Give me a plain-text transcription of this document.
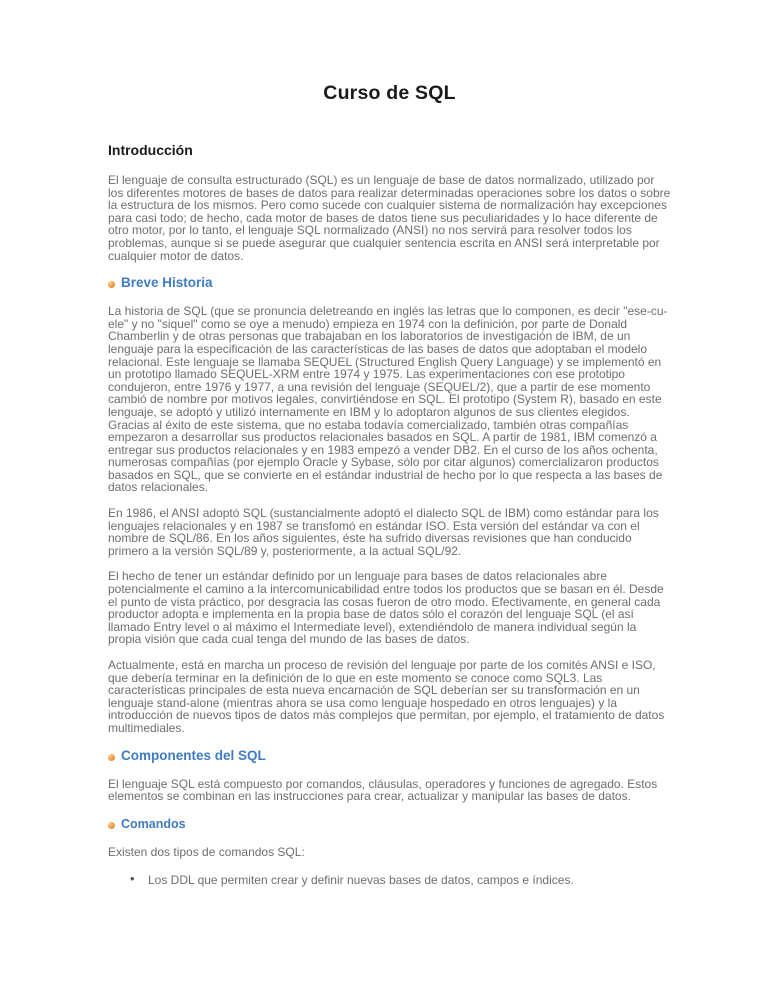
Curso de SQL
Introducción

El lenguaje de consulta estructurado (SQL) es un lenguaje de base de datos normalizado, utilizado por los diferentes motores de bases de datos para realizar determinadas operaciones sobre los datos o sobre la estructura de los mismos. Pero como sucede con cualquier sistema de normalización hay excepciones para casi todo; de hecho, cada motor de bases de datos tiene sus peculiaridades y lo hace diferente de otro motor, por lo tanto, el lenguaje SQL normalizado (ANSI) no nos servirá para resolver todos los problemas, aunque si se puede asegurar que cualquier sentencia escrita en ANSI será interpretable por cualquier motor de datos.

Breve Historia

La historia de SQL (que se pronuncia deletreando en inglés las letras que lo componen, es decir "ese-cu-ele" y no "siquel" como se oye a menudo) empieza en 1974 con la definición, por parte de Donald Chamberlin y de otras personas que trabajaban en los laboratorios de investigación de IBM, de un lenguaje para la especificación de las características de las bases de datos que adoptaban el modelo relacional. Este lenguaje se llamaba SEQUEL (Structured English Query Language) y se implementó en un prototipo llamado SEQUEL-XRM entre 1974 y 1975. Las experimentaciones con ese prototipo condujeron, entre 1976 y 1977, a una revisión del lenguaje (SEQUEL/2), que a partir de ese momento cambió de nombre por motivos legales, convirtiéndose en SQL. El prototipo (System R), basado en este lenguaje, se adoptó y utilizó internamente en IBM y lo adoptaron algunos de sus clientes elegidos. Gracias al éxito de este sistema, que no estaba todavía comercializado, también otras compañías empezaron a desarrollar sus productos relacionales basados en SQL. A partir de 1981, IBM comenzó a entregar sus productos relacionales y en 1983 empezó a vender DB2. En el curso de los años ochenta, numerosas compañías (por ejemplo Oracle y Sybase, sólo por citar algunos) comercializaron productos basados en SQL, que se convierte en el estándar industrial de hecho por lo que respecta a las bases de datos relacionales.

En 1986, el ANSI adoptó SQL (sustancialmente adoptó el dialecto SQL de IBM) como estándar para los lenguajes relacionales y en 1987 se transfomó en estándar ISO. Esta versión del estándar va con el nombre de SQL/86. En los años siguientes, éste ha sufrido diversas revisiones que han conducido primero a la versión SQL/89 y, posteriormente, a la actual SQL/92.

El hecho de tener un estándar definido por un lenguaje para bases de datos relacionales abre potencialmente el camino a la intercomunicabilidad entre todos los productos que se basan en él. Desde el punto de vista práctico, por desgracia las cosas fueron de otro modo. Efectivamente, en general cada productor adopta e implementa en la propia base de datos sólo el corazón del lenguaje SQL (el así llamado Entry level o al máximo el Intermediate level), extendiéndolo de manera individual según la propia visión que cada cual tenga del mundo de las bases de datos.

Actualmente, está en marcha un proceso de revisión del lenguaje por parte de los comités ANSI e ISO, que debería terminar en la definición de lo que en este momento se conoce como SQL3. Las características principales de esta nueva encarnación de SQL deberían ser su transformación en un lenguaje stand-alone (mientras ahora se usa como lenguaje hospedado en otros lenguajes) y la introducción de nuevos tipos de datos más complejos que permitan, por ejemplo, el tratamiento de datos multimediales.

Componentes del SQL

El lenguaje SQL está compuesto por comandos, cláusulas, operadores y funciones de agregado. Estos elementos se combinan en las instrucciones para crear, actualizar y manipular las bases de datos.

Comandos

Existen dos tipos de comandos SQL:

• Los DDL que permiten crear y definir nuevas bases de datos, campos e índices.
